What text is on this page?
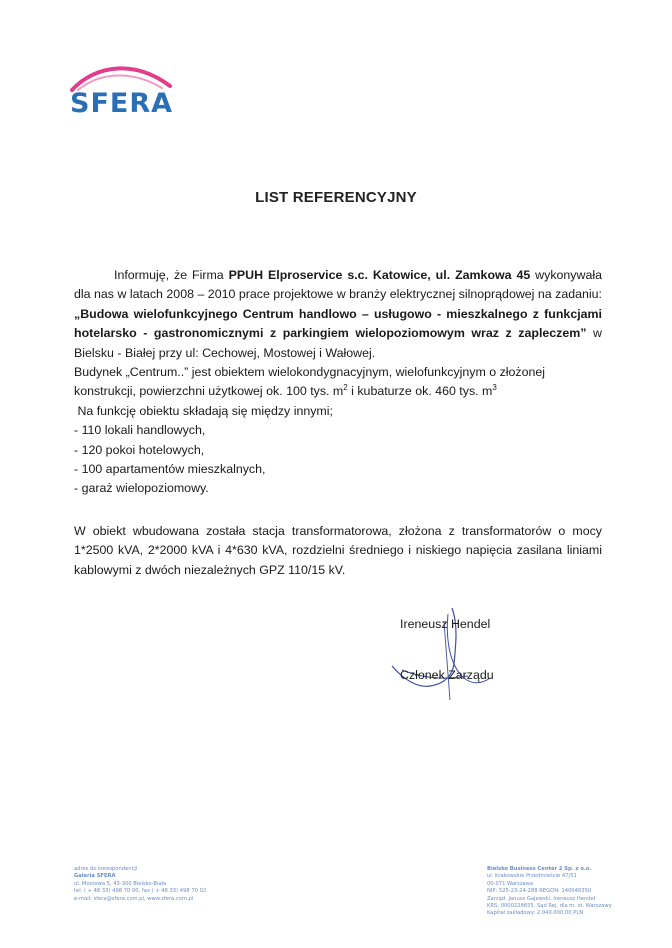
SFERA
LIST REFERENCYJNY

Informuję, że Firma PPUH Elproservice s.c. Katowice, ul. Zamkowa 45 wykonywała dla nas w latach 2008 – 2010 prace projektowe w branży elektrycznej silnoprądowej na zadaniu: „Budowa wielofunkcyjnego Centrum handlowo – usługowo - mieszkalnego z funkcjami hotelarsko - gastronomicznymi z parkingiem wielopoziomowym wraz z zapleczem” w Bielsku - Białej przy ul: Cechowej, Mostowej i Wałowej.

Budynek „Centrum..” jest obiektem wielokondygnacyjnym, wielofunkcyjnym o złożonej konstrukcji, powierzchni użytkowej ok. 100 tys. $m^2$ i kubaturze ok. 460 tys. $m^3$

Na funkcję obiektu składają się między innymi;

- 110 lokali handlowych,
- 120 pokoi hotelowych,
- 100 apartamentów mieszkalnych,
- garaż wielopoziomowy.

W obiekt wbudowana została stacja transformatorowa, złożona z transformatorów o mocy 1*2500 kVA, 2*2000 kVA i 4*630 kVA, rozdzielni średniego i niskiego napięcia zasilana liniami kablowymi z dwóch niezależnych GPZ 110/15 kV.

Ireneusz Hendel
Członek Zarządu
adres do korespondencji
Galeria SFERA
ul. Mostowa 5, 43-300 Bielsko-Biała
tel. ( + 48 33) 498 70 00, fax ( + 48 33) 498 70 02
e-mail: sfera@sfera.com.pl, www.sfera.com.pl
Bielsko Business Center 2 Sp. z o.o.
ul. Krakowskie Przedmieście 47/51
00-071 Warszawa
NIP: 525-23-24-288 REGON: 140046350
Zarząd: Janusz Gajewski, Ireneusz Hendel
KRS: 0000228655, Sąd Rej. dla m. st. Warszawy
Kapitał zakładowy: 2.040.000,00 PLN
